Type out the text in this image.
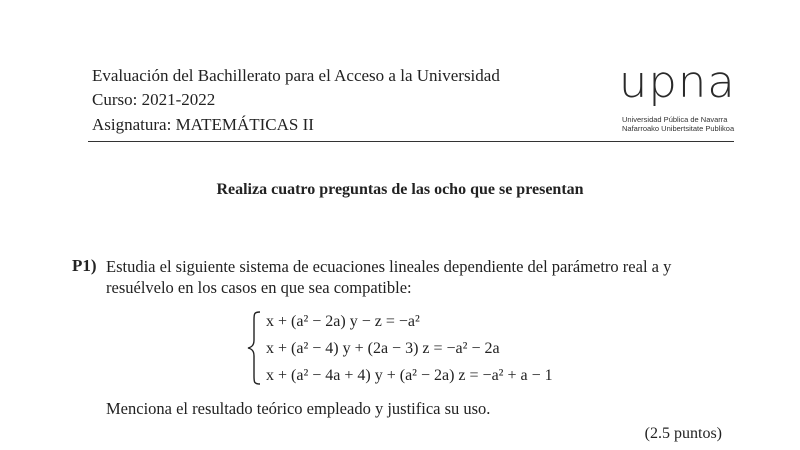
Evaluación del Bachillerato para el Acceso a la Universidad
Curso: 2021-2022
Asignatura: MATEMÁTICAS II
upna
Universidad Pública de Navarra
Nafarroako Unibertsitate Publikoa
Realiza cuatro preguntas de las ocho que se presentan
P1) Estudia el siguiente sistema de ecuaciones lineales dependiente del parámetro real a y resuélvelo en los casos en que sea compatible:
x + (a² − 2a) y − z = −a²
x + (a² − 4) y + (2a − 3) z = −a² − 2a
x + (a² − 4a + 4) y + (a² − 2a) z = −a² + a − 1
Menciona el resultado teórico empleado y justifica su uso.
(2.5 puntos)
